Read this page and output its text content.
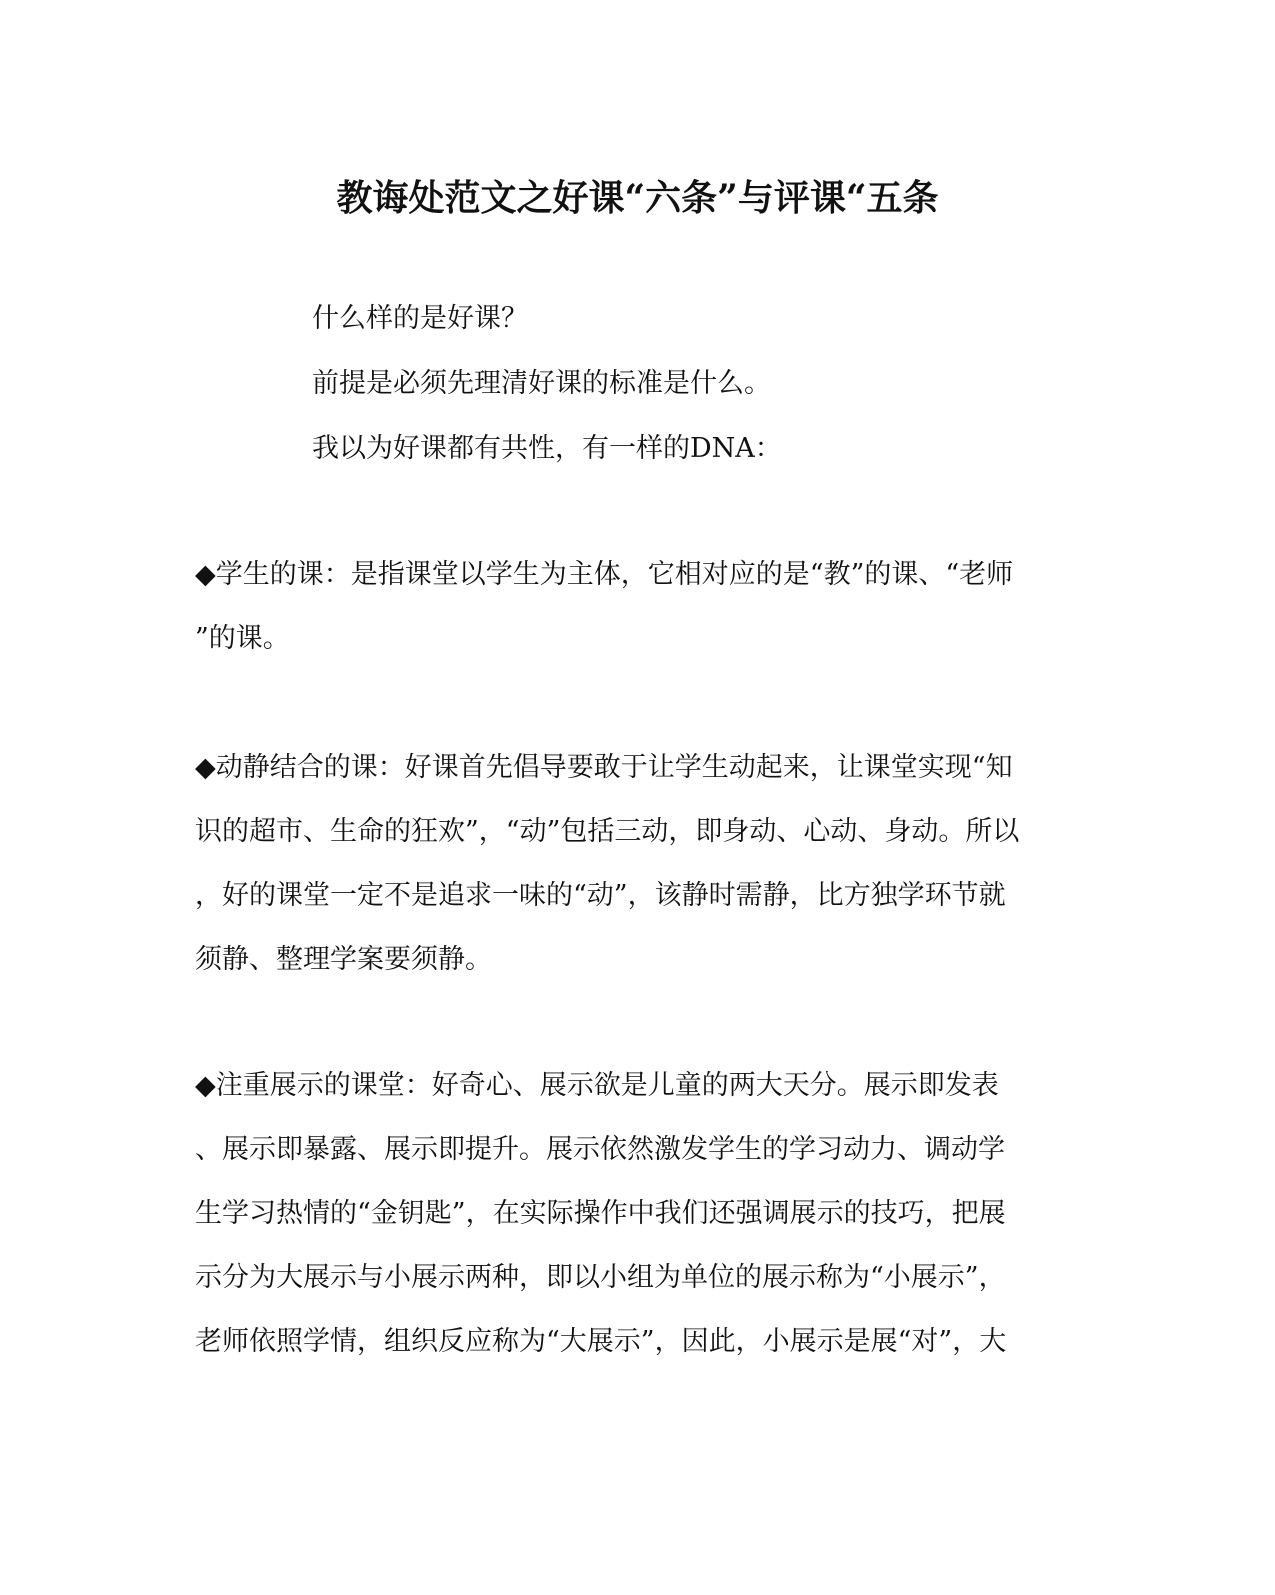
教诲处范文之好课“六条”与评课“五条

什么样的是好课？

前提是必须先理清好课的标准是什么。

我以为好课都有共性，有一样的DNA：

◆学生的课：是指课堂以学生为主体，它相对应的是“教”的课、“老师
”的课。
◆动静结合的课：好课首先倡导要敢于让学生动起来，让课堂实现“知
识的超市、生命的狂欢”，“动”包括三动，即身动、心动、身动。所以
，好的课堂一定不是追求一味的“动”，该静时需静，比方独学环节就
须静、整理学案要须静。
◆注重展示的课堂：好奇心、展示欲是儿童的两大天分。展示即发表
、展示即暴露、展示即提升。展示依然激发学生的学习动力、调动学
生学习热情的“金钥匙”，在实际操作中我们还强调展示的技巧，把展
示分为大展示与小展示两种，即以小组为单位的展示称为“小展示”，
老师依照学情，组织反应称为“大展示”，因此，小展示是展“对”，大
